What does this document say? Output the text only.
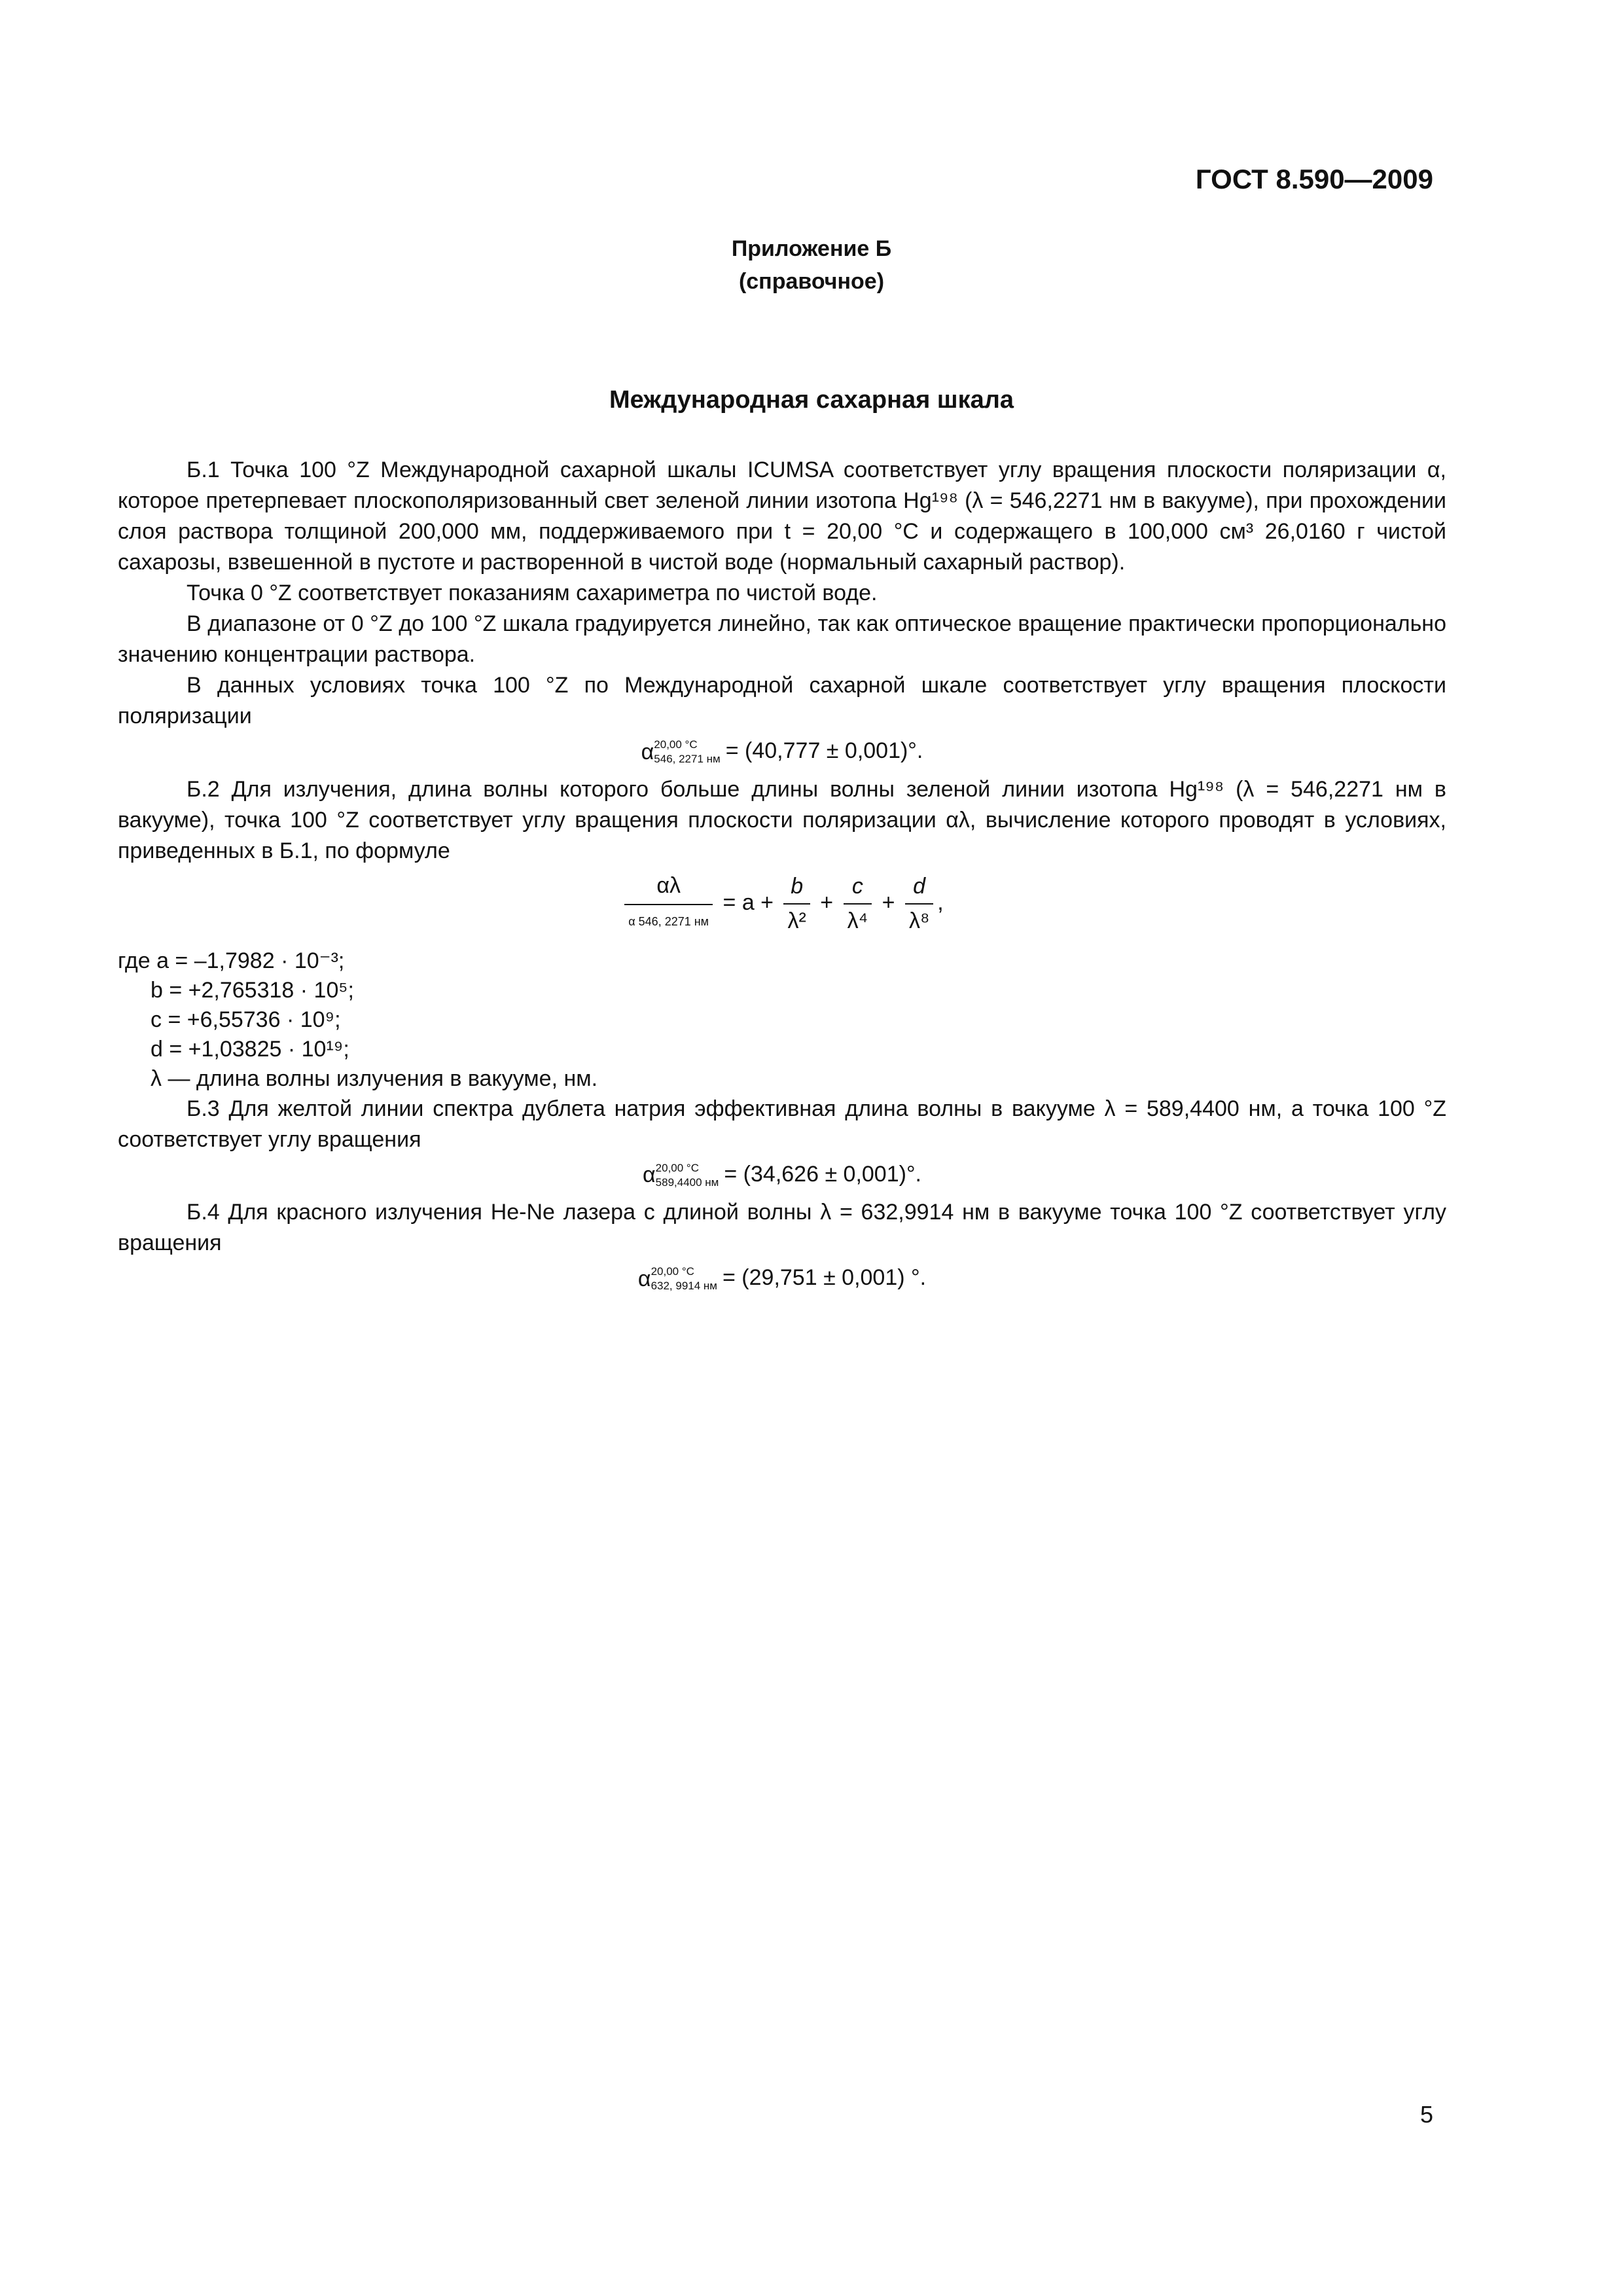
ГОСТ 8.590—2009
Приложение Б
(справочное)
Международная сахарная шкала

Б.1 Точка 100 °Z Международной сахарной шкалы ICUMSA соответствует углу вращения плоскости поляризации α, которое претерпевает плоскополяризованный свет зеленой линии изотопа Hg¹⁹⁸ (λ = 546,2271 нм в вакууме), при прохождении слоя раствора толщиной 200,000 мм, поддерживаемого при t = 20,00 °C и содержащего в 100,000 см³ 26,0160 г чистой сахарозы, взвешенной в пустоте и растворенной в чистой воде (нормальный сахарный раствор).

Точка 0 °Z соответствует показаниям сахариметра по чистой воде.

В диапазоне от 0 °Z до 100 °Z шкала градуируется линейно, так как оптическое вращение практически пропорционально значению концентрации раствора.

В данных условиях точка 100 °Z по Международной сахарной шкале соответствует углу вращения плоскости поляризации

α 20,00 °C
546, 2271 нм = (40,777 ± 0,001)°.

Б.2 Для излучения, длина волны которого больше длины волны зеленой линии изотопа Hg¹⁹⁸ (λ = 546,2271 нм в вакууме), точка 100 °Z соответствует углу вращения плоскости поляризации αλ, вычисление которого проводят в условиях, приведенных в Б.1, по формуле

$\frac{\alpha\lambda}{\alpha 546, 2271 нм} = a + \frac{b}{\text{λ²}} + \frac{c}{\text{λ⁴}} + \frac{d}{\text{λ⁸}}$ ,
где a = –1,7982 · 10⁻³;
b = +2,765318 · 10⁵;
c = +6,55736 · 10⁹;
d = +1,03825 · 10¹⁹;
λ — длина волны излучения в вакууме, нм.

Б.3 Для желтой линии спектра дублета натрия эффективная длина волны в вакууме λ = 589,4400 нм, а точка 100 °Z соответствует углу вращения

α 20,00 °C
589,4400 нм = (34,626 ± 0,001)°.

Б.4 Для красного излучения He-Ne лазера с длиной волны λ = 632,9914 нм в вакууме точка 100 °Z соответствует углу вращения

α 20,00 °C
632, 9914 нм = (29,751 ± 0,001) °.
5
